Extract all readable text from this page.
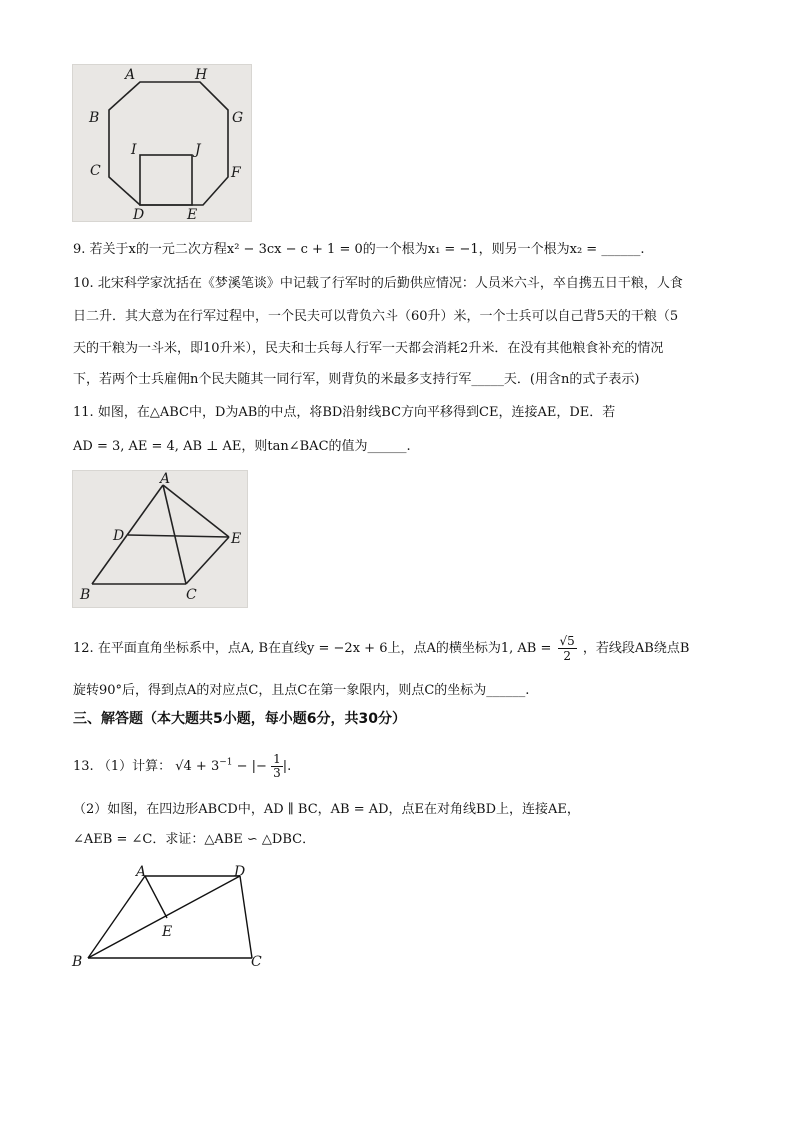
A	H
B	G
C
I	J
F
D	E
9. 若关于x的一元二次方程x² − 3cx − c + 1 = 0的一个根为x₁ = −1，则另一个根为x₂ = ______.
10. 北宋科学家沈括在《梦溪笔谈》中记载了行军时的后勤供应情况：人员米六斗，卒自携五日干粮，人食
日二升．其大意为在行军过程中，一个民夫可以背负六斗（60升）米，一个士兵可以自己背5天的干粮（5
天的干粮为一斗米，即10升米），民夫和士兵每人行军一天都会消耗2升米．在没有其他粮食补充的情况
下，若两个士兵雇佣n个民夫随其一同行军，则背负的米最多支持行军_____天．(用含n的式子表示)
11. 如图，在△ABC中，D为AB的中点，将BD沿射线BC方向平移得到CE，连接AE，DE．若
AD = 3, AE = 4, AB ⊥ AE，则tan∠BAC的值为______.
A
D	E
B	C
12. 在平面直角坐标系中，点A, B在直线y = −2x + 6上，点A的横坐标为1, AB = $\frac{√5}{2}$ ，若线段AB绕点B
旋转90°后，得到点A的对应点C，且点C在第一象限内，则点C的坐标为______.
三、解答题（本大题共5小题，每小题6分，共30分）
13. （1）计算： $√4 + 3^{-1}$ − |− $\frac{1}{3}$ |.
（2）如图，在四边形ABCD中，AD ∥ BC，AB = AD，点E在对角线BD上，连接AE，
∠AEB = ∠C．求证：△ABE ∽ △DBC．
A	D
E
B	C
